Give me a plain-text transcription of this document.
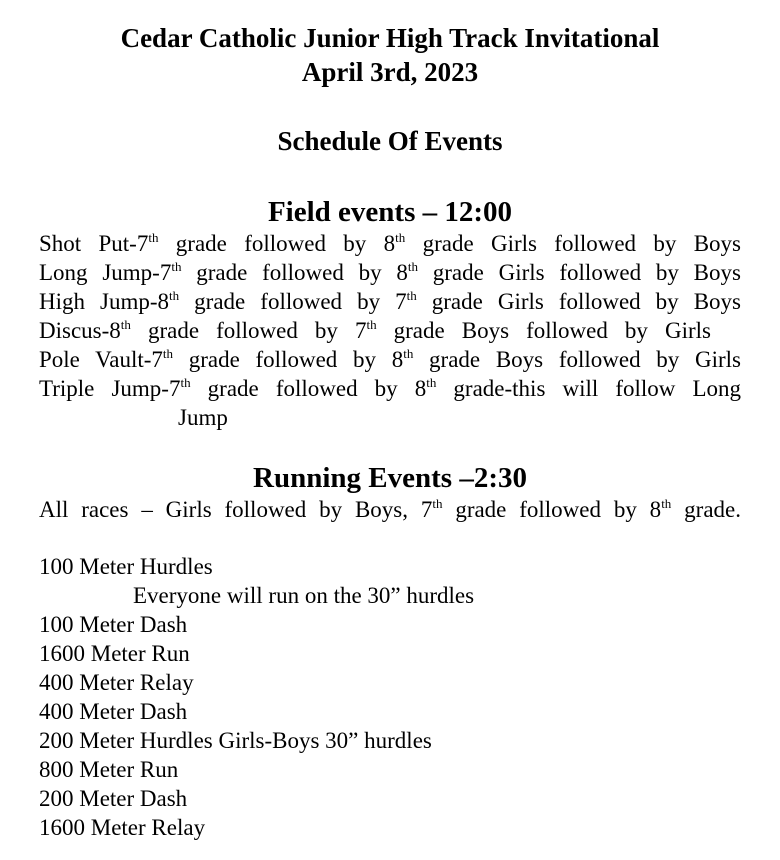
Cedar Catholic Junior High Track Invitational
April 3rd, 2023
Schedule Of Events
Field events – 12:00
Shot Put-7th grade followed by 8th grade Girls followed by Boys
Long Jump-7th grade followed by 8th grade Girls followed by Boys
High Jump-8th grade followed by 7th grade Girls followed by Boys
Discus-8th grade followed by 7th grade Boys followed by Girls
Pole Vault-7th grade followed by 8th grade Boys followed by Girls
Triple Jump-7th grade followed by 8th grade-this will follow Long
Jump
Running Events –2:30
All races – Girls followed by Boys, 7th grade followed by 8th grade.
100 Meter Hurdles
Everyone will run on the 30” hurdles
100 Meter Dash
1600 Meter Run
400 Meter Relay
400 Meter Dash
200 Meter Hurdles Girls-Boys 30” hurdles
800 Meter Run
200 Meter Dash
1600 Meter Relay
